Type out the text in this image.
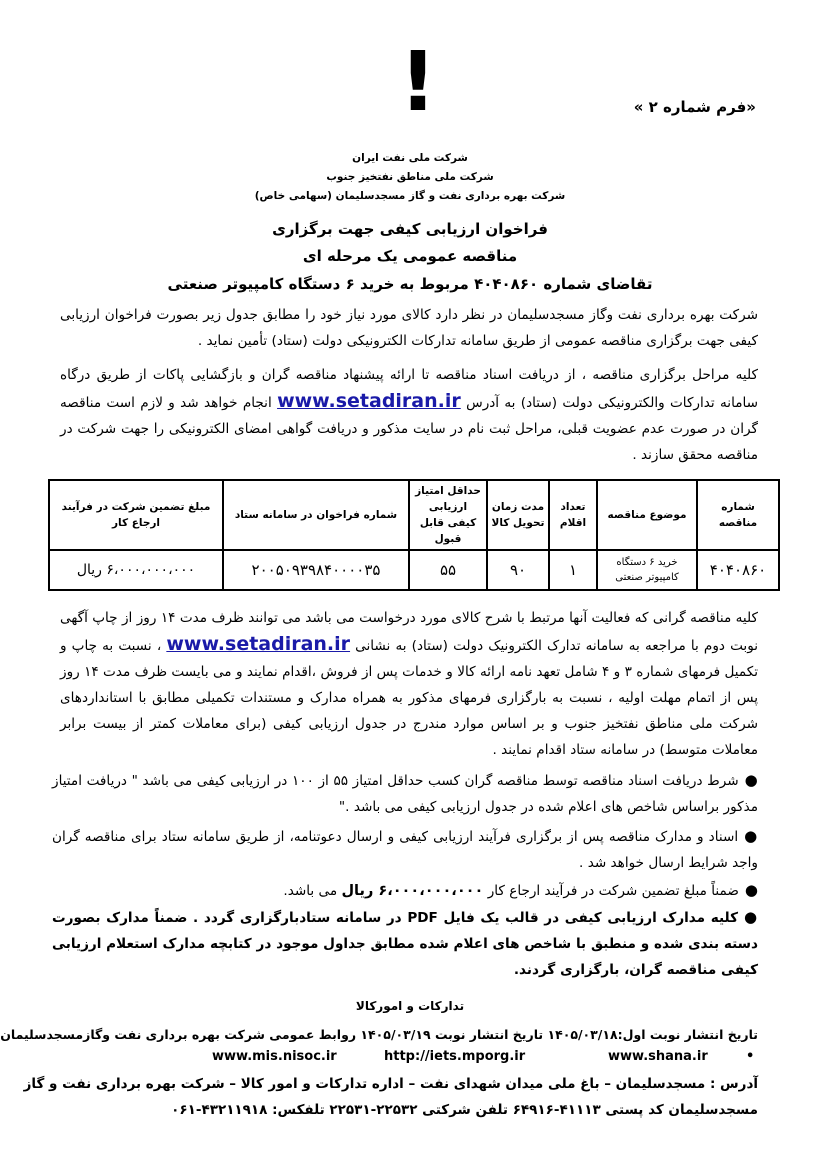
!	«فرم شماره ۲ »
شرکت ملی نفت ایران
شرکت ملی مناطق نفتخیز جنوب
شرکت بهره برداری نفت و گاز مسجدسلیمان (سهامی خاص)
فراخوان ارزیابی کیفی جهت برگزاری
مناقصه عمومی یک مرحله ای
تقاضای شماره ۴۰۴۰۸۶۰ مربوط به خرید ۶ دستگاه کامپیوتر صنعتی
شرکت بهره برداری نفت وگاز مسجدسلیمان در نظر دارد کالای مورد نیاز خود را مطابق جدول زیر بصورت فراخوان ارزیابی کیفی جهت برگزاری مناقصه عمومی از طریق سامانه تدارکات الکترونیکی دولت (ستاد) تأمین نماید .
کلیه مراحل برگزاری مناقصه ، از دریافت اسناد مناقصه تا ارائه پیشنهاد مناقصه گران و بازگشایی پاکات از طریق درگاه سامانه تدارکات والکترونیکی دولت (ستاد) به آدرس www.setadiran.ir انجام خواهد شد و لازم است مناقصه گران در صورت عدم عضویت قبلی، مراحل ثبت نام در سایت مذکور و دریافت گواهی امضای الکترونیکی را جهت شرکت در مناقصه محقق سازند .
شماره مناقصه	موضوع مناقصه	تعداد اقلام	مدت زمان تحویل کالا	حداقل امتیاز ارزیابی کیفی قابل قبول	شماره فراخوان در سامانه ستاد	مبلغ تضمین شرکت در فرآیند ارجاع کار
۴۰۴۰۸۶۰	خرید ۶ دستگاه کامپیوتر صنعتی	۱	۹۰	۵۵	۲۰۰۵۰۹۳۹۸۴۰۰۰۰۳۵	۶،۰۰۰،۰۰۰،۰۰۰ ریال
کلیه مناقصه گرانی که فعالیت آنها مرتبط با شرح کالای مورد درخواست می باشد می توانند ظرف مدت ۱۴ روز از چاپ آگهی نوبت دوم با مراجعه به سامانه تدارک الکترونیک دولت (ستاد) به نشانی www.setadiran.ir ، نسبت به چاپ و تکمیل فرمهای شماره ۳ و ۴ شامل تعهد نامه ارائه کالا و خدمات پس از فروش ،اقدام نمایند و می بایست ظرف مدت ۱۴ روز پس از اتمام مهلت اولیه ، نسبت به بارگزاری فرمهای مذکور به همراه مدارک و مستندات تکمیلی مطابق با استانداردهای شرکت ملی مناطق نفتخیز جنوب و بر اساس موارد مندرج در جدول ارزیابی کیفی (برای معاملات کمتر از بیست برابر معاملات متوسط) در سامانه ستاد اقدام نمایند .
●شرط دریافت اسناد مناقصه توسط مناقصه گران کسب حداقل امتیاز ۵۵ از ۱۰۰ در ارزیابی کیفی می باشد " دریافت امتیاز مذکور براساس شاخص های اعلام شده در جدول ارزیابی کیفی می باشد ."
●اسناد و مدارک مناقصه پس از برگزاری فرآیند ارزیابی کیفی و ارسال دعوتنامه، از طریق سامانه ستاد برای مناقصه گران واجد شرایط ارسال خواهد شد .
●ضمناً مبلغ تضمین شرکت در فرآیند ارجاع کار ۶،۰۰۰،۰۰۰،۰۰۰ ریال می باشد.
●کلیه مدارک ارزیابی کیفی در قالب یک فایل PDF در سامانه ستادبارگزاری گردد . ضمناً مدارک بصورت دسته بندی شده و منطبق با شاخص های اعلام شده مطابق جداول موجود در کتابچه مدارک استعلام ارزیابی کیفی مناقصه گران، بارگزاری گردند.
تدارکات و امورکالا
تاریخ انتشار نوبت اول:۱۴۰۵/۰۳/۱۸ تاریخ انتشار نوبت ۱۴۰۵/۰۳/۱۹ روابط عمومی شرکت بهره برداری نفت وگازمسجدسلیمان
www.mis.nisoc.ir	http://iets.mporg.ir	www.shana.ir	•
آدرس : مسجدسلیمان – باغ ملی میدان شهدای نفت – اداره تدارکات و امور کالا – شرکت بهره برداری نفت و گاز
مسجدسلیمان کد پستی ۴۱۱۱۳-۶۴۹۱۶ تلفن شرکتی ۲۲۵۳۲-۲۲۵۳۱ تلفکس: ۴۳۲۱۱۹۱۸-۰۶۱
